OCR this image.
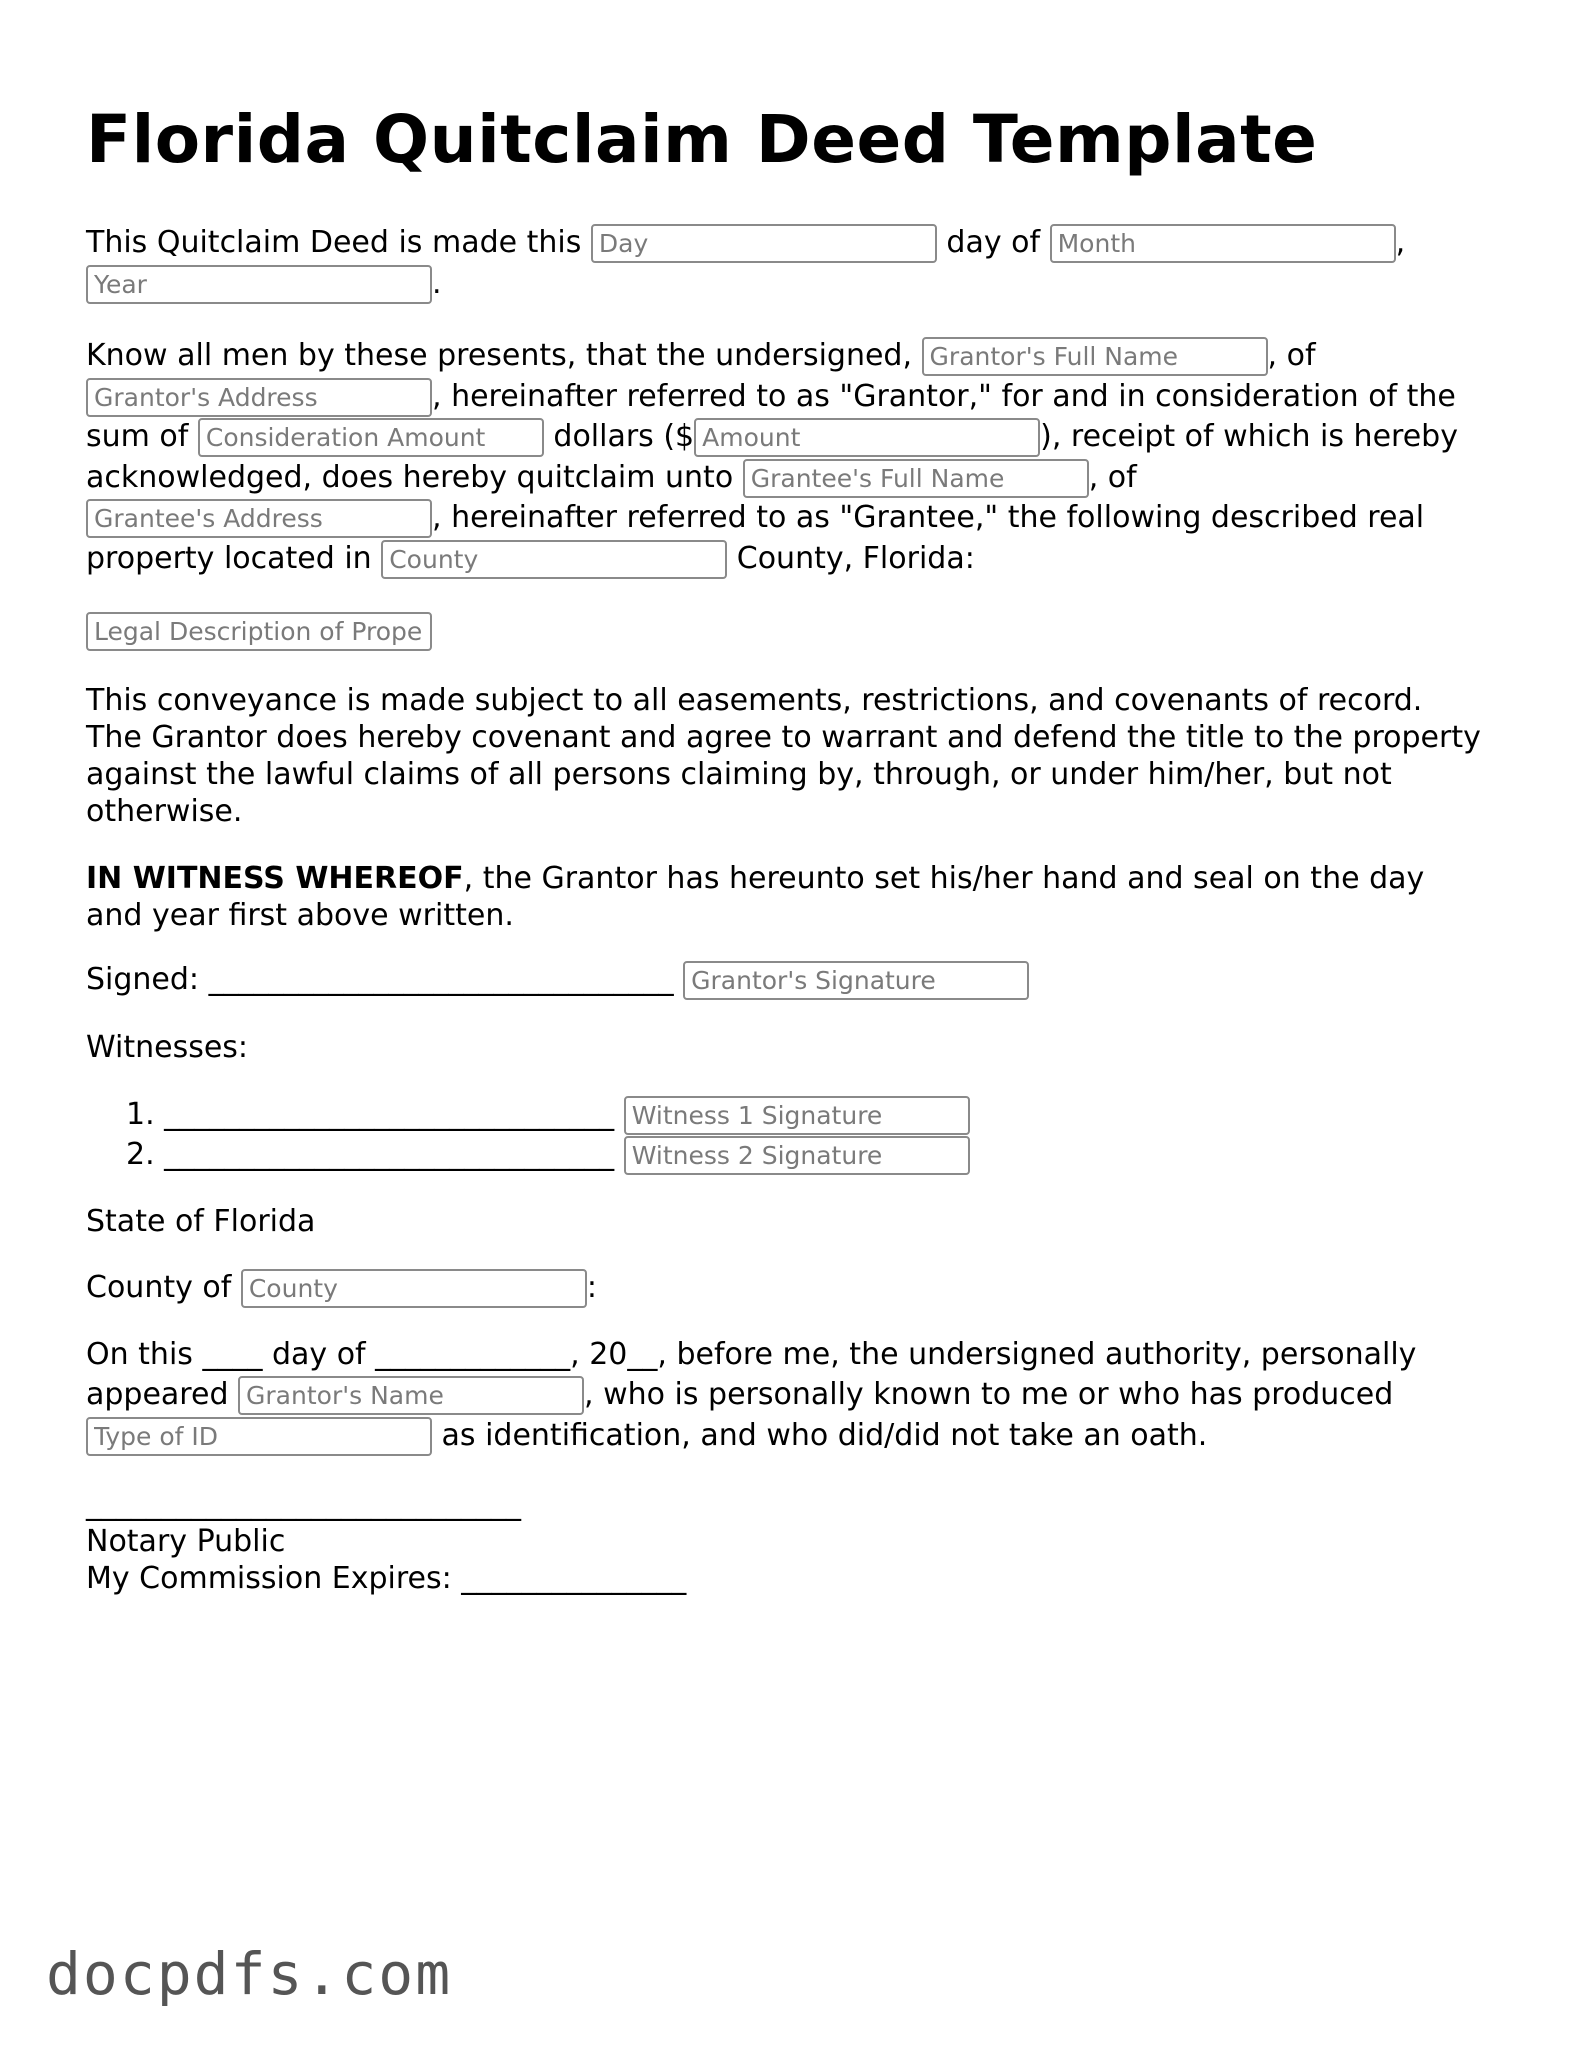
Florida Quitclaim Deed Template

This Quitclaim Deed is made this Day	day of Month	,
Year.

Know all men by these presents, that the undersigned, Grantor's Full Name	, of
Grantor's Address, hereinafter referred to as "Grantor," for and in consideration of the sum of Consideration Amount	dollars ($Amount	), receipt of which is hereby acknowledged, does hereby quitclaim unto Grantee's Full Name	, of
Grantee's Address, hereinafter referred to as "Grantee," the following described real property located in County	County, Florida:

Legal Description of Prope

This conveyance is made subject to all easements, restrictions, and covenants of record. The Grantor does hereby covenant and agree to warrant and defend the title to the property against the lawful claims of all persons claiming by, through, or under him/her, but not otherwise.

IN WITNESS WHEREOF, the Grantor has hereunto set his/her hand and seal on the day and year first above written.

Signed: _______________________________ Grantor's Signature

Witnesses:

1. ______________________________ Witness 1 Signature
2. ______________________________ Witness 2 Signature

State of Florida

County of County	:

On this ____ day of _____________, 20__, before me, the undersigned authority, personally appeared Grantor's Name	, who is personally known to me or who has produced
Type of ID as identification, and who did/did not take an oath.

_____________________________
Notary Public
My Commission Expires: _______________

docpdfs.com
